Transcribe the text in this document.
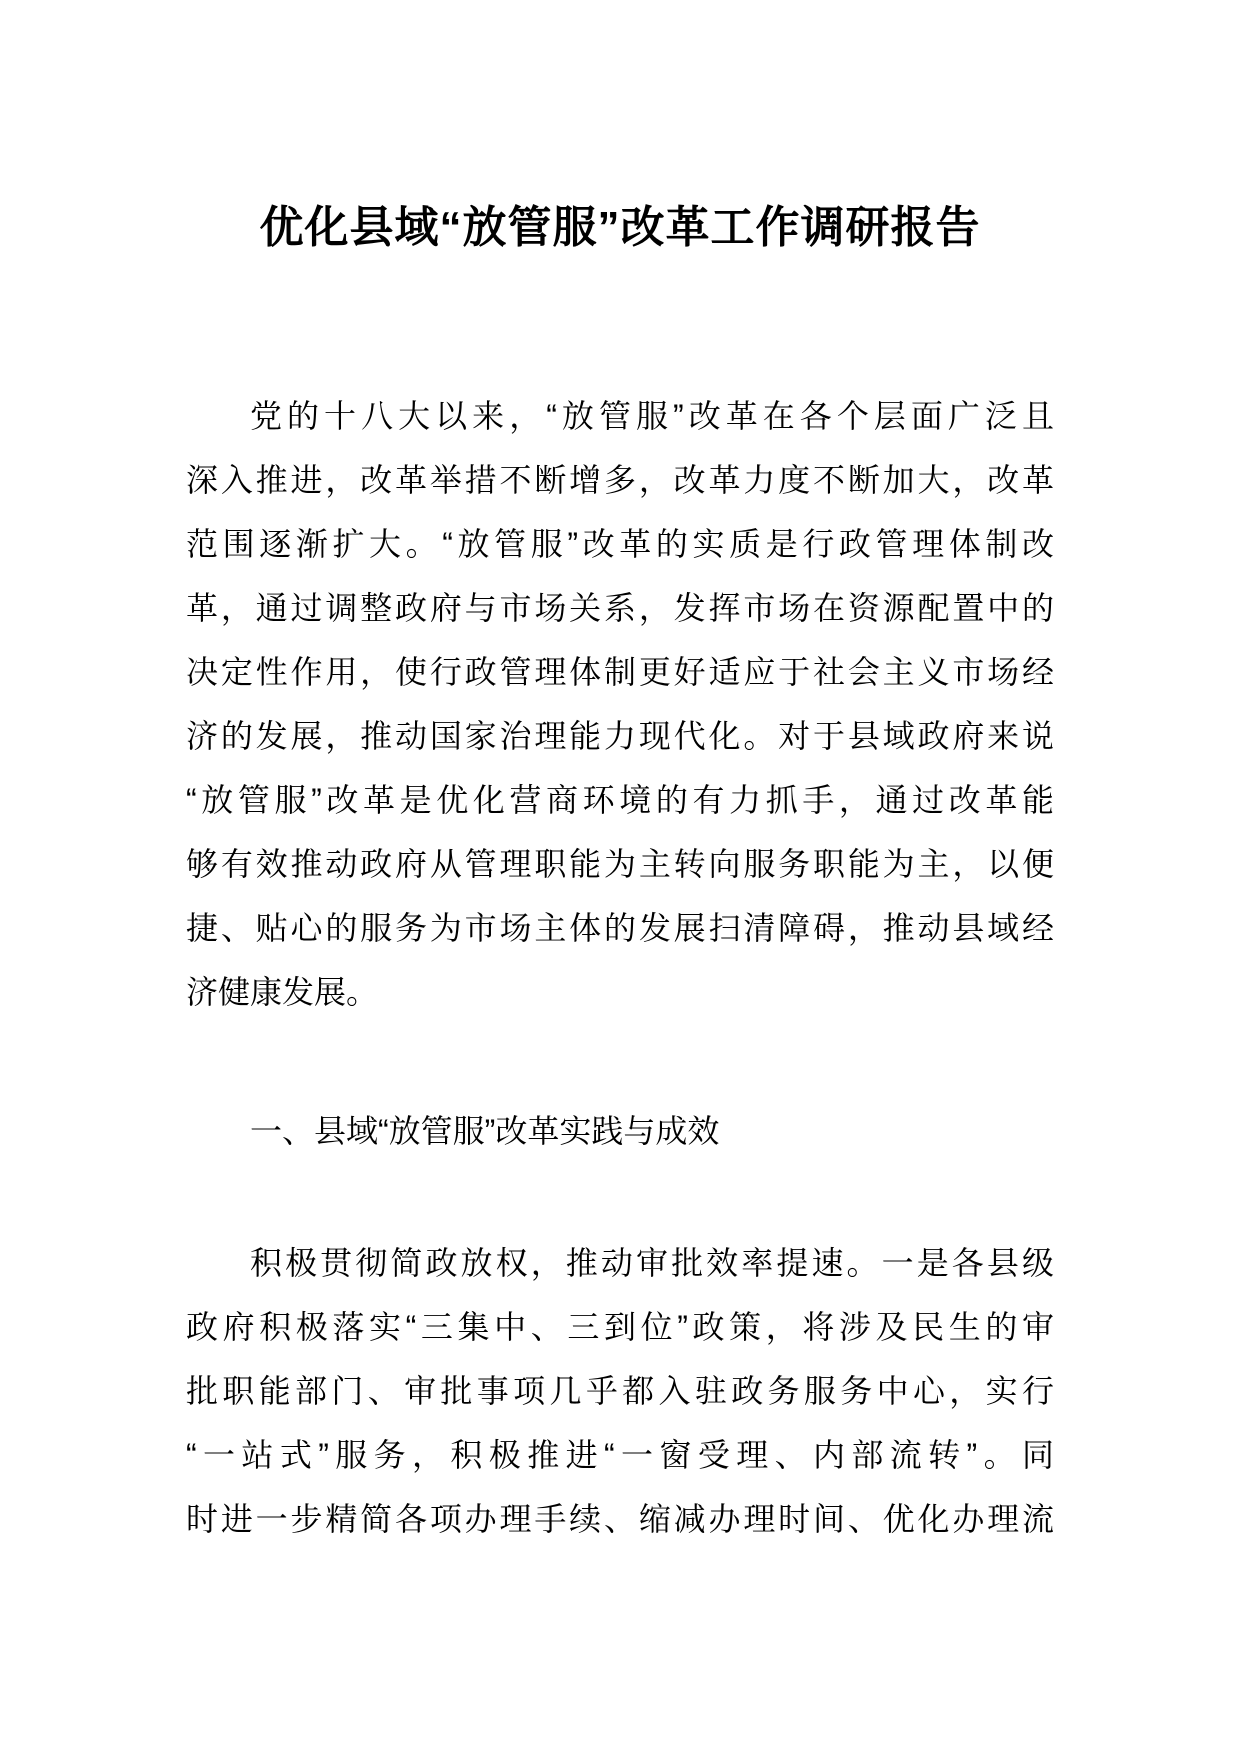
优化县域“放管服”改革工作调研报告
党的十八大以来，“放管服”改革在各个层面广泛且
深入推进，改革举措不断增多，改革力度不断加大，改革
范围逐渐扩大。“放管服”改革的实质是行政管理体制改
革，通过调整政府与市场关系，发挥市场在资源配置中的
决定性作用，使行政管理体制更好适应于社会主义市场经
济的发展，推动国家治理能力现代化。对于县域政府来说
“放管服”改革是优化营商环境的有力抓手，通过改革能
够有效推动政府从管理职能为主转向服务职能为主，以便
捷、贴心的服务为市场主体的发展扫清障碍，推动县域经
济健康发展。
一、县域“放管服”改革实践与成效
积极贯彻简政放权，推动审批效率提速。一是各县级
政府积极落实“三集中、三到位”政策，将涉及民生的审
批职能部门、审批事项几乎都入驻政务服务中心，实行
“一站式”服务，积极推进“一窗受理、内部流转”。同
时进一步精简各项办理手续、缩减办理时间、优化办理流
